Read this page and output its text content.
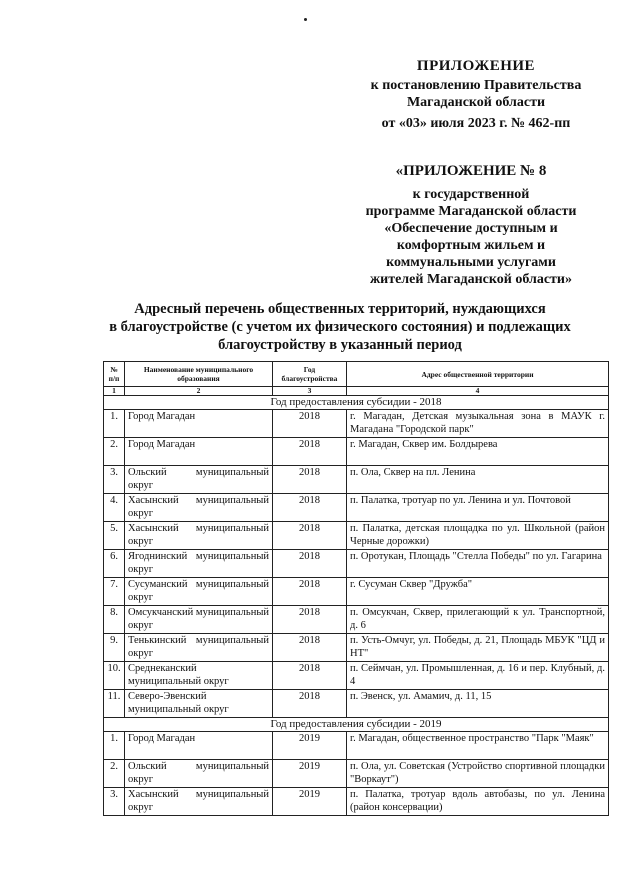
ПРИЛОЖЕНИЕ
к постановлению Правительства
Магаданской области
от «03» июля 2023 г. № 462-пп
«ПРИЛОЖЕНИЕ № 8
к государственной
программе Магаданской области
«Обеспечение доступным и
комфортным жильем и
коммунальными услугами
жителей Магаданской области»
Адресный перечень общественных территорий, нуждающихся
в благоустройстве (с учетом их физического состояния) и подлежащих
благоустройству в указанный период
№ п/п	Наименование муниципального образования	Год благоустройства	Адрес общественной территории
1	2	3	4
Год предоставления субсидии - 2018			
1.	Город Магадан	2018	г. Магадан, Детская музыкальная зона в МАУК г. Магадана "Городской парк"
2.	Город Магадан	2018	г. Магадан, Сквер им. Болдырева
3.	Ольский муниципальный округ	2018	п. Ола, Сквер на пл. Ленина
4.	Хасынский муниципальный округ	2018	п. Палатка, тротуар по ул. Ленина и ул. Почтовой
5.	Хасынский муниципальный округ	2018	п. Палатка, детская площадка по ул. Школьной (район Черные дорожки)
6.	Ягоднинский муниципальный округ	2018	п. Оротукан, Площадь "Стелла Победы" по ул. Гагарина
7.	Сусуманский муниципальный округ	2018	г. Сусуман Сквер "Дружба"
8.	Омсукчанский муниципальный округ	2018	п. Омсукчан, Сквер, прилегающий к ул. Транспортной, д. 6
9.	Тенькинский муниципальный округ	2018	п. Усть-Омчуг, ул. Победы, д. 21, Площадь МБУК "ЦД и НТ"
10.	Среднеканский муниципальный округ	2018	п. Сеймчан, ул. Промышленная, д. 16 и пер. Клубный, д. 4
11.	Северо-Эвенский муниципальный округ	2018	п. Эвенск, ул. Амамич, д. 11, 15
Год предоставления субсидии - 2019			
1.	Город Магадан	2019	г. Магадан, общественное пространство "Парк "Маяк"
2.	Ольский муниципальный округ	2019	п. Ола, ул. Советская (Устройство спортивной площадки "Воркаут")
3.	Хасынский муниципальный округ	2019	п. Палатка, тротуар вдоль автобазы, по ул. Ленина (район консервации)
